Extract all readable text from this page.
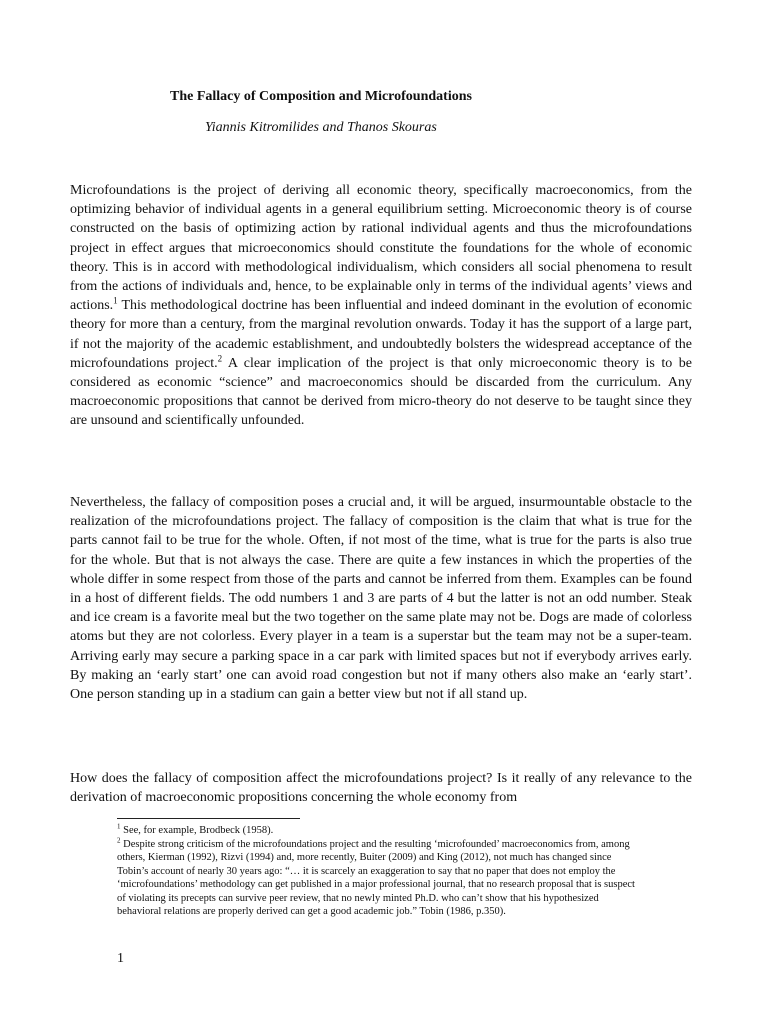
The Fallacy of Composition and Microfoundations

Yiannis Kitromilides and Thanos Skouras

Microfoundations is the project of deriving all economic theory, specifically macroeconomics, from the optimizing behavior of individual agents in a general equilibrium setting. Microeconomic theory is of course constructed on the basis of optimizing action by rational individual agents and thus the microfoundations project in effect argues that microeconomics should constitute the foundations for the whole of economic theory. This is in accord with methodological individualism, which considers all social phenomena to result from the actions of individuals and, hence, to be explainable only in terms of the individual agents’ views and actions.$^1$ This methodological doctrine has been influential and indeed dominant in the evolution of economic theory for more than a century, from the marginal revolution onwards. Today it has the support of a large part, if not the majority of the academic establishment, and undoubtedly bolsters the widespread acceptance of the microfoundations project.$^2$ A clear implication of the project is that only microeconomic theory is to be considered as economic “science” and macroeconomics should be discarded from the curriculum. Any macroeconomic propositions that cannot be derived from micro-theory do not deserve to be taught since they are unsound and scientifically unfounded.

Nevertheless, the fallacy of composition poses a crucial and, it will be argued, insurmountable obstacle to the realization of the microfoundations project. The fallacy of composition is the claim that what is true for the parts cannot fail to be true for the whole. Often, if not most of the time, what is true for the parts is also true for the whole. But that is not always the case. There are quite a few instances in which the properties of the whole differ in some respect from those of the parts and cannot be inferred from them. Examples can be found in a host of different fields. The odd numbers 1 and 3 are parts of 4 but the latter is not an odd number. Steak and ice cream is a favorite meal but the two together on the same plate may not be. Dogs are made of colorless atoms but they are not colorless. Every player in a team is a superstar but the team may not be a super-team. Arriving early may secure a parking space in a car park with limited spaces but not if everybody arrives early. By making an ‘early start’ one can avoid road congestion but not if many others also make an ‘early start’. One person standing up in a stadium can gain a better view but not if all stand up.

How does the fallacy of composition affect the microfoundations project? Is it really of any relevance to the derivation of macroeconomic propositions concerning the whole economy from

$^1$ See, for example, Brodbeck (1958).

$^2$ Despite strong criticism of the microfoundations project and the resulting ‘microfounded’ macroeconomics from, among others, Kierman (1992), Rizvi (1994) and, more recently, Buiter (2009) and King (2012), not much has changed since Tobin’s account of nearly 30 years ago: “… it is scarcely an exaggeration to say that no paper that does not employ the ‘microfoundations’ methodology can get published in a major professional journal, that no research proposal that is suspect of violating its precepts can survive peer review, that no newly minted Ph.D. who can’t show that his hypothesized behavioral relations are properly derived can get a good academic job.” Tobin (1986, p.350).

1
